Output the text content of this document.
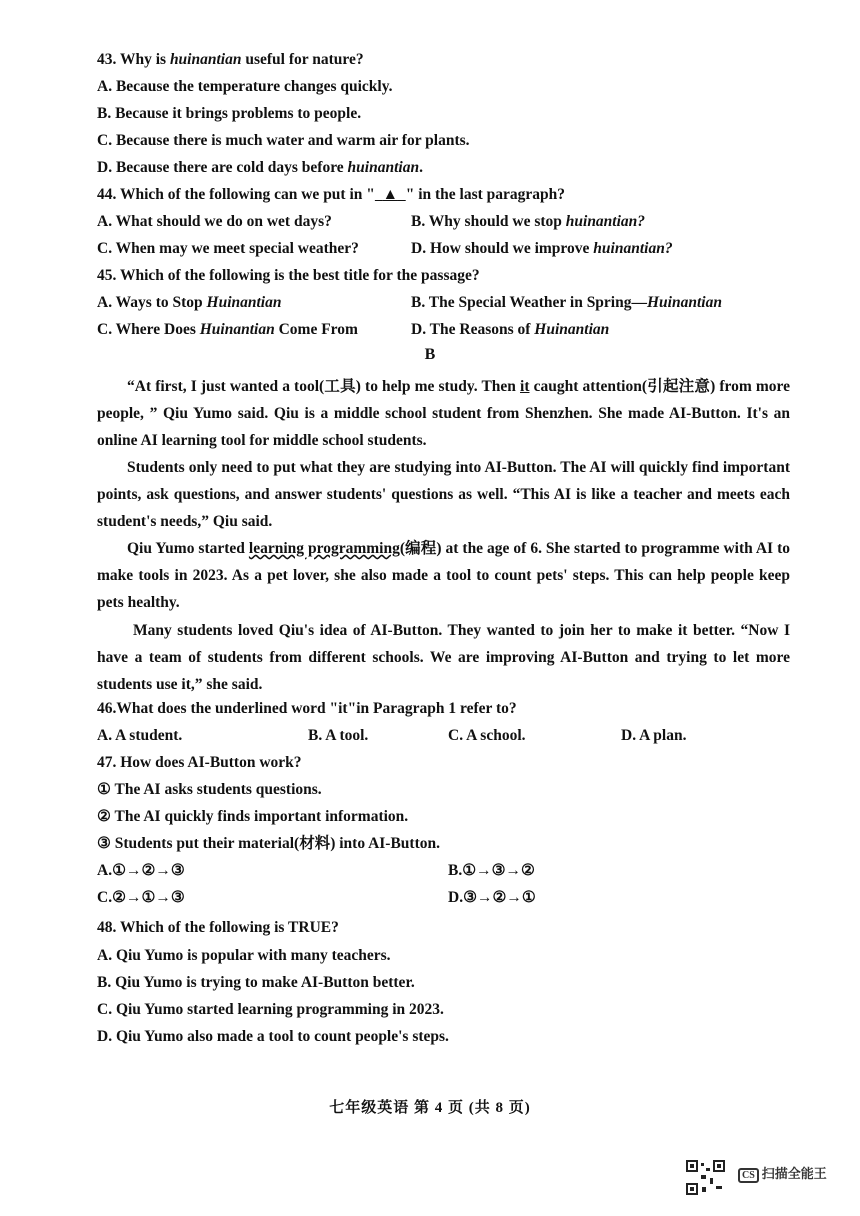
43. Why is huinantian useful for nature?
A. Because the temperature changes quickly.
B. Because it brings problems to people.
C. Because there is much water and warm air for plants.
D. Because there are cold days before huinantian.
44. Which of the following can we put in " ▲ " in the last paragraph?
A. What should we do on wet days?	B. Why should we stop huinantian?
C. When may we meet special weather?	D. How should we improve huinantian?
45. Which of the following is the best title for the passage?
A. Ways to Stop Huinantian	B. The Special Weather in Spring—Huinantian
C. Where Does Huinantian Come From	D. The Reasons of Huinantian
B
“At first, I just wanted a tool(工具) to help me study. Then it caught attention(引起注意) from more people, ” Qiu Yumo said. Qiu is a middle school student from Shenzhen. She made AI-Button. It's an online AI learning tool for middle school students.
Students only need to put what they are studying into AI-Button. The AI will quickly find important points, ask questions, and answer students' questions as well. “This AI is like a teacher and meets each student's needs,” Qiu said.
Qiu Yumo started learning programming(编程) at the age of 6. She started to programme with AI to make tools in 2023. As a pet lover, she also made a tool to count pets' steps. This can help people keep pets healthy.
Many students loved Qiu's idea of AI-Button. They wanted to join her to make it better. “Now I have a team of students from different schools. We are improving AI-Button and trying to let more students use it,” she said.
46.What does the underlined word "it"in Paragraph 1 refer to?
A. A student.	B. A tool.	C. A school.	D. A plan.
47. How does AI-Button work?
① The AI asks students questions.
② The AI quickly finds important information.
③ Students put their material(材料) into AI-Button.
A.①→②→③	B.①→③→②
C.②→①→③	D.③→②→①
48. Which of the following is TRUE?
A. Qiu Yumo is popular with many teachers.
B. Qiu Yumo is trying to make AI-Button better.
C. Qiu Yumo started learning programming in 2023.
D. Qiu Yumo also made a tool to count people's steps.
七年级英语 第 4 页 (共 8 页)
CS 扫描全能王
